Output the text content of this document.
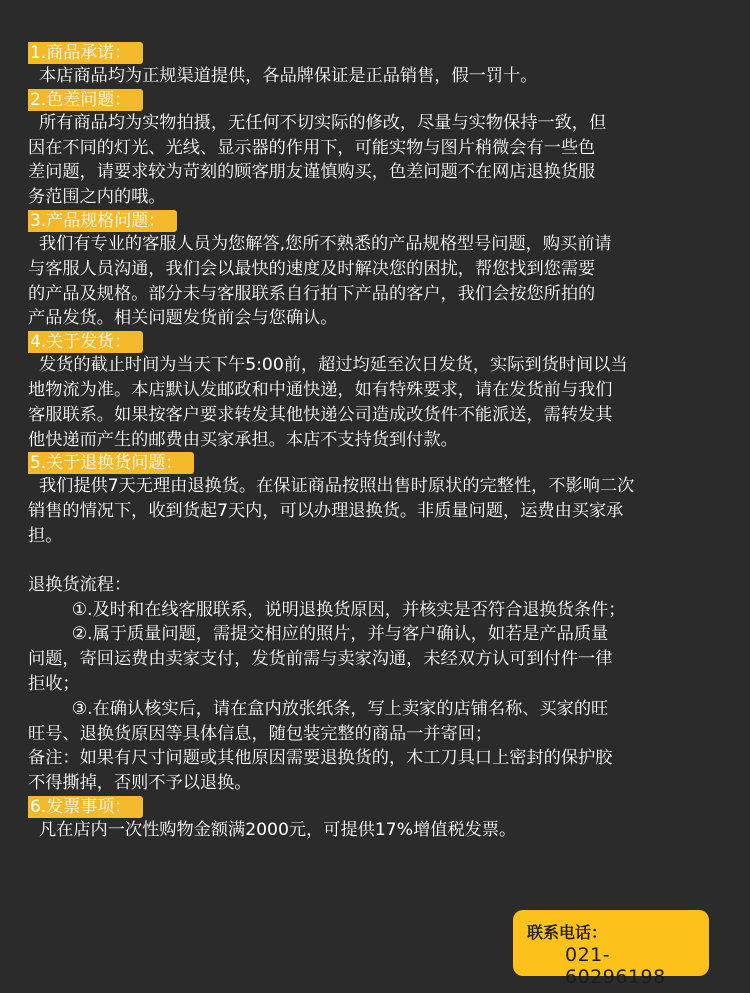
1.商品承诺：

本店商品均为正规渠道提供，各品牌保证是正品销售，假一罚十。

2.色差问题：

所有商品均为实物拍摄，无任何不切实际的修改，尽量与实物保持一致，但

因在不同的灯光、光线、显示器的作用下，可能实物与图片稍微会有一些色

差问题，请要求较为苛刻的顾客朋友谨慎购买，色差问题不在网店退换货服

务范围之内的哦。

3.产品规格问题：

我们有专业的客服人员为您解答,您所不熟悉的产品规格型号问题，购买前请

与客服人员沟通，我们会以最快的速度及时解决您的困扰，帮您找到您需要

的产品及规格。部分未与客服联系自行拍下产品的客户，我们会按您所拍的

产品发货。相关问题发货前会与您确认。

4.关于发货：

发货的截止时间为当天下午5:00前，超过均延至次日发货，实际到货时间以当

地物流为准。本店默认发邮政和中通快递，如有特殊要求，请在发货前与我们

客服联系。如果按客户要求转发其他快递公司造成改货件不能派送，需转发其

他快递而产生的邮费由买家承担。本店不支持货到付款。

5.关于退换货问题：

我们提供7天无理由退换货。在保证商品按照出售时原状的完整性，不影响二次

销售的情况下，收到货起7天内，可以办理退换货。非质量问题，运费由买家承

担。

退换货流程：

①.及时和在线客服联系，说明退换货原因，并核实是否符合退换货条件；

②.属于质量问题，需提交相应的照片，并与客户确认，如若是产品质量

问题，寄回运费由卖家支付，发货前需与卖家沟通，未经双方认可到付件一律

拒收；

③.在确认核实后，请在盒内放张纸条，写上卖家的店铺名称、买家的旺

旺号、退换货原因等具体信息，随包装完整的商品一并寄回；

备注：如果有尺寸问题或其他原因需要退换货的，木工刀具口上密封的保护胶

不得撕掉，否则不予以退换。

6.发票事项：

凡在店内一次性购物金额满2000元，可提供17%增值税发票。

联系电话：
021-60296198
